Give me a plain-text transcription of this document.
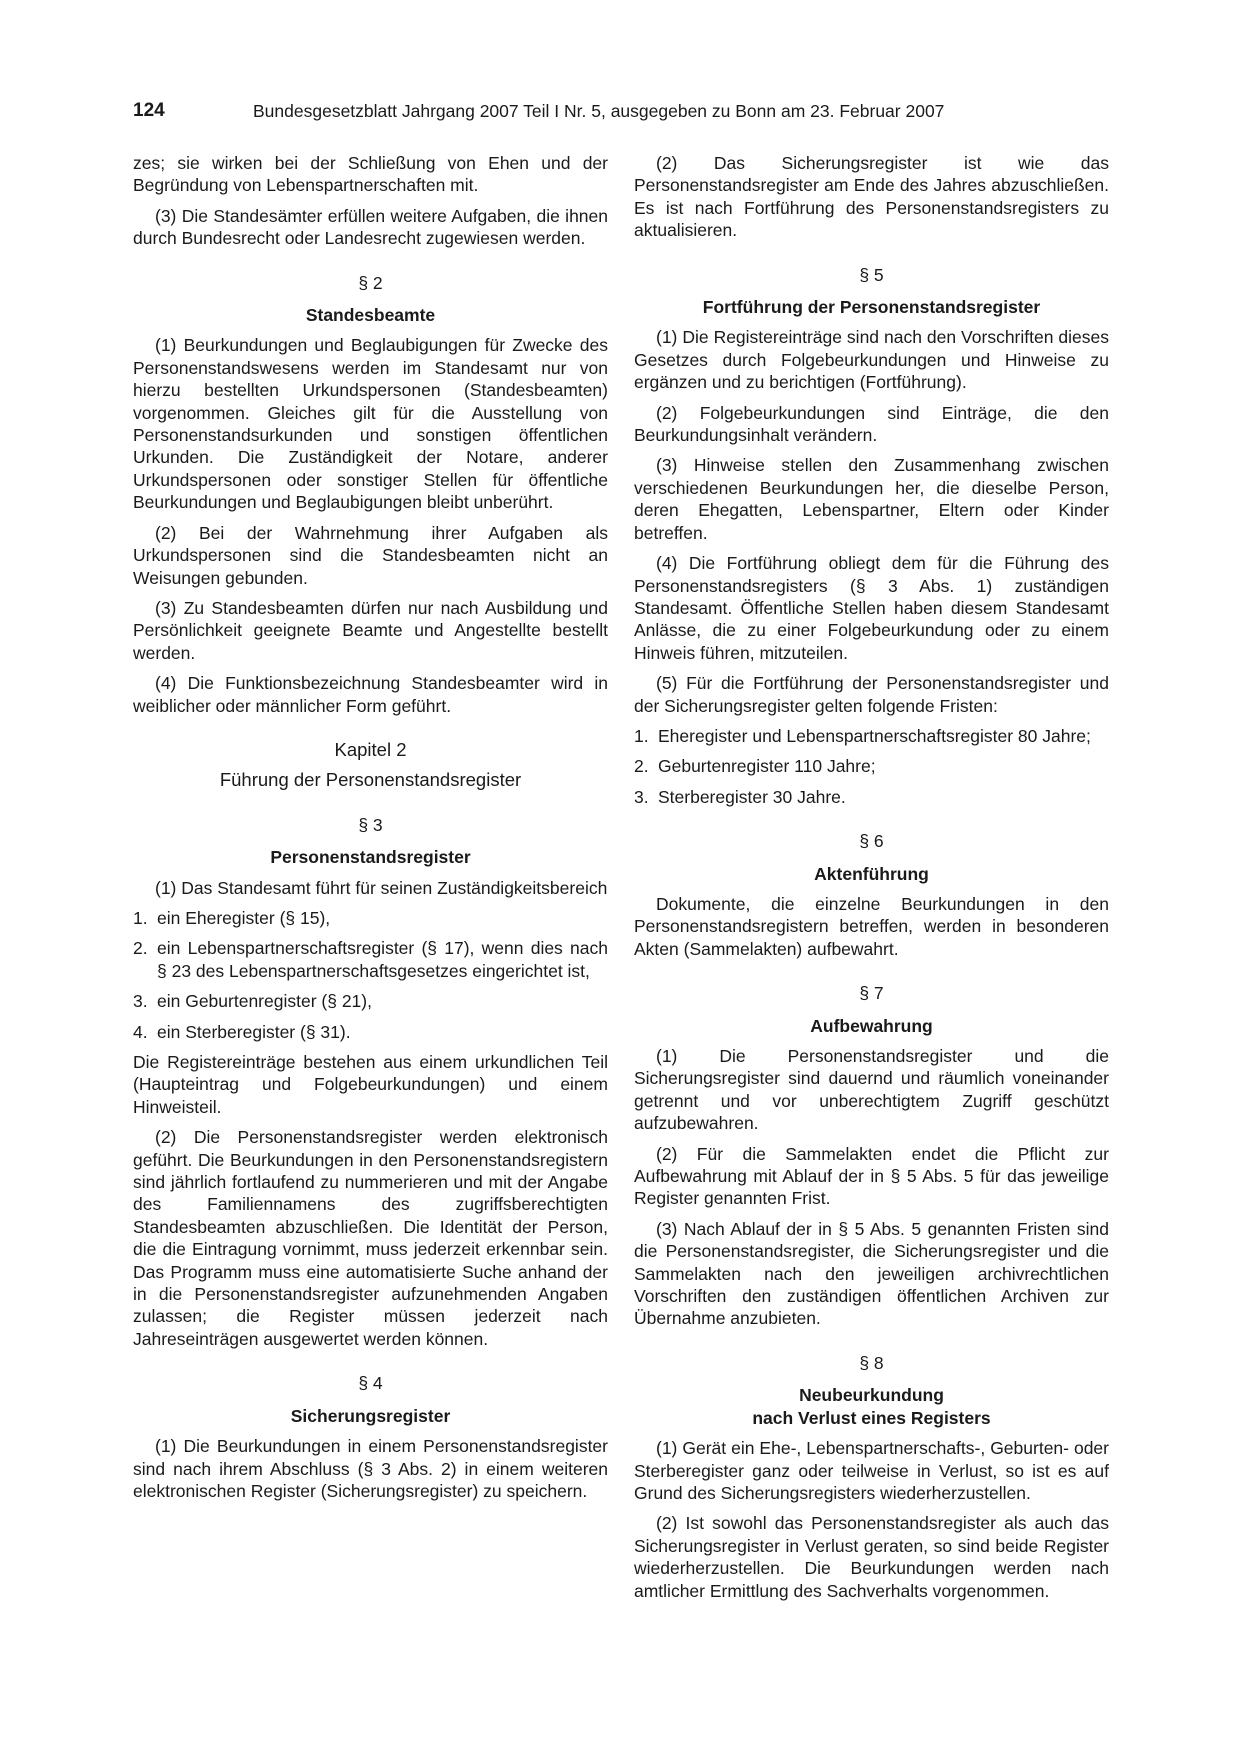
124	Bundesgesetzblatt Jahrgang 2007 Teil I Nr. 5, ausgegeben zu Bonn am 23. Februar 2007

zes; sie wirken bei der Schließung von Ehen und der Begründung von Lebenspartnerschaften mit.

(3) Die Standesämter erfüllen weitere Aufgaben, die ihnen durch Bundesrecht oder Landesrecht zugewiesen werden.

§ 2
Standesbeamte

(1) Beurkundungen und Beglaubigungen für Zwecke des Personenstandswesens werden im Standesamt nur von hierzu bestellten Urkundspersonen (Standesbeamten) vorgenommen. Gleiches gilt für die Ausstellung von Personenstandsurkunden und sonstigen öffentlichen Urkunden. Die Zuständigkeit der Notare, anderer Urkundspersonen oder sonstiger Stellen für öffentliche Beurkundungen und Beglaubigungen bleibt unberührt.

(2) Bei der Wahrnehmung ihrer Aufgaben als Urkundspersonen sind die Standesbeamten nicht an Weisungen gebunden.

(3) Zu Standesbeamten dürfen nur nach Ausbildung und Persönlichkeit geeignete Beamte und Angestellte bestellt werden.

(4) Die Funktionsbezeichnung Standesbeamter wird in weiblicher oder männlicher Form geführt.

Kapitel 2
Führung der Personenstandsregister
§ 3
Personenstandsregister

(1) Das Standesamt führt für seinen Zuständigkeitsbereich

1. ein Eheregister (§ 15),
2. ein Lebenspartnerschaftsregister (§ 17), wenn dies nach § 23 des Lebenspartnerschaftsgesetzes eingerichtet ist,
3. ein Geburtenregister (§ 21),
4. ein Sterberegister (§ 31).

Die Registereinträge bestehen aus einem urkundlichen Teil (Haupteintrag und Folgebeurkundungen) und einem Hinweisteil.

(2) Die Personenstandsregister werden elektronisch geführt. Die Beurkundungen in den Personenstandsregistern sind jährlich fortlaufend zu nummerieren und mit der Angabe des Familiennamens des zugriffsberechtigten Standesbeamten abzuschließen. Die Identität der Person, die die Eintragung vornimmt, muss jederzeit erkennbar sein. Das Programm muss eine automatisierte Suche anhand der in die Personenstandsregister aufzunehmenden Angaben zulassen; die Register müssen jederzeit nach Jahreseinträgen ausgewertet werden können.

§ 4
Sicherungsregister

(1) Die Beurkundungen in einem Personenstandsregister sind nach ihrem Abschluss (§ 3 Abs. 2) in einem weiteren elektronischen Register (Sicherungsregister) zu speichern.

(2) Das Sicherungsregister ist wie das Personenstandsregister am Ende des Jahres abzuschließen. Es ist nach Fortführung des Personenstandsregisters zu aktualisieren.

§ 5
Fortführung der Personenstandsregister

(1) Die Registereinträge sind nach den Vorschriften dieses Gesetzes durch Folgebeurkundungen und Hinweise zu ergänzen und zu berichtigen (Fortführung).

(2) Folgebeurkundungen sind Einträge, die den Beurkundungsinhalt verändern.

(3) Hinweise stellen den Zusammenhang zwischen verschiedenen Beurkundungen her, die dieselbe Person, deren Ehegatten, Lebenspartner, Eltern oder Kinder betreffen.

(4) Die Fortführung obliegt dem für die Führung des Personenstandsregisters (§ 3 Abs. 1) zuständigen Standesamt. Öffentliche Stellen haben diesem Standesamt Anlässe, die zu einer Folgebeurkundung oder zu einem Hinweis führen, mitzuteilen.

(5) Für die Fortführung der Personenstandsregister und der Sicherungsregister gelten folgende Fristen:

1. Eheregister und Lebenspartnerschaftsregister 80 Jahre;
2. Geburtenregister 110 Jahre;
3. Sterberegister 30 Jahre.
§ 6
Aktenführung

Dokumente, die einzelne Beurkundungen in den Personenstandsregistern betreffen, werden in besonderen Akten (Sammelakten) aufbewahrt.

§ 7
Aufbewahrung

(1) Die Personenstandsregister und die Sicherungsregister sind dauernd und räumlich voneinander getrennt und vor unberechtigtem Zugriff geschützt aufzubewahren.

(2) Für die Sammelakten endet die Pflicht zur Aufbewahrung mit Ablauf der in § 5 Abs. 5 für das jeweilige Register genannten Frist.

(3) Nach Ablauf der in § 5 Abs. 5 genannten Fristen sind die Personenstandsregister, die Sicherungsregister und die Sammelakten nach den jeweiligen archivrechtlichen Vorschriften den zuständigen öffentlichen Archiven zur Übernahme anzubieten.

§ 8
Neubeurkundung
nach Verlust eines Registers

(1) Gerät ein Ehe-, Lebenspartnerschafts-, Geburten- oder Sterberegister ganz oder teilweise in Verlust, so ist es auf Grund des Sicherungsregisters wiederherzustellen.

(2) Ist sowohl das Personenstandsregister als auch das Sicherungsregister in Verlust geraten, so sind beide Register wiederherzustellen. Die Beurkundungen werden nach amtlicher Ermittlung des Sachverhalts vorgenommen.
